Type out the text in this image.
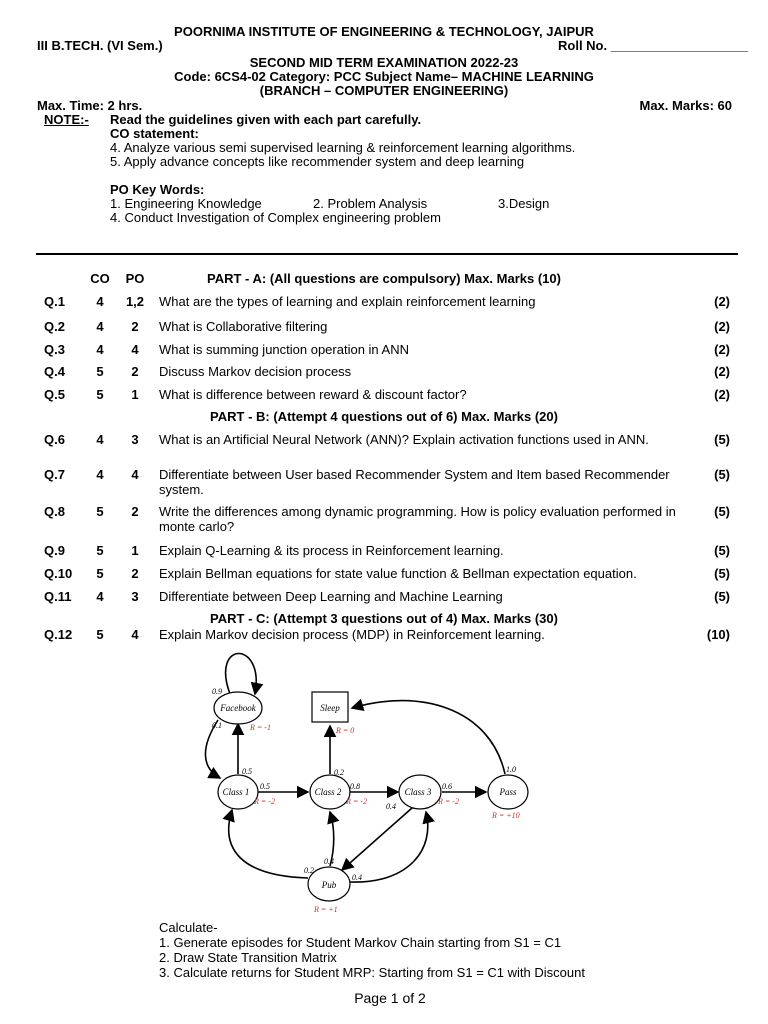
POORNIMA INSTITUTE OF ENGINEERING & TECHNOLOGY, JAIPUR
III B.TECH. (VI Sem.)	Roll No. ___________________
SECOND MID TERM EXAMINATION 2022-23
Code: 6CS4-02 Category: PCC Subject Name– MACHINE LEARNING
(BRANCH – COMPUTER ENGINEERING)
Max. Time: 2 hrs.	Max. Marks: 60
NOTE:- Read the guidelines given with each part carefully.
CO statement:
4. Analyze various semi supervised learning & reinforcement learning algorithms.
5. Apply advance concepts like recommender system and deep learning
PO Key Words:
1. Engineering Knowledge	2. Problem Analysis	3.Design
4. Conduct Investigation of Complex engineering problem
CO	PO	PART - A: (All questions are compulsory) Max. Marks (10)
Q.1	4	1,2	What are the types of learning and explain reinforcement learning	(2)
Q.2	4	2	What is Collaborative filtering	(2)
Q.3	4	4	What is summing junction operation in ANN	(2)
Q.4	5	2	Discuss Markov decision process	(2)
Q.5	5	1	What is difference between reward & discount factor?	(2)
PART - B: (Attempt 4 questions out of 6) Max. Marks (20)
Q.6	4	3	What is an Artificial Neural Network (ANN)? Explain activation functions used in ANN.	(5)
Q.7	4	4	Differentiate between User based Recommender System and Item based Recommender system.
(5)
Q.8	5	2	Write the differences among dynamic programming. How is policy evaluation performed in monte carlo?
(5)
Q.9	5	1	Explain Q-Learning & its process in Reinforcement learning.	(5)
Q.10	5	2	Explain Bellman equations for state value function & Bellman expectation equation.	(5)
Q.11	4	3	Differentiate between Deep Learning and Machine Learning	(5)
PART - C: (Attempt 3 questions out of 4) Max. Marks (30)
Q.12	5	4	Explain Markov decision process (MDP) in Reinforcement learning.	(10)
Facebook	Sleep
Class 1	Class 2	Class 3	Pass
Pub
R = -1	R = 0
R = -2	R = -2	R = -2
R = +10
R = +1
0.9
0.1
0.5
0.5
0.2
0.8	0.6
0.4
1.0
0.2
0.4
0.4
Calculate-
1. Generate episodes for Student Markov Chain starting from S1 = C1
2. Draw State Transition Matrix
3. Calculate returns for Student MRP: Starting from S1 = C1 with Discount
Page 1 of 2
